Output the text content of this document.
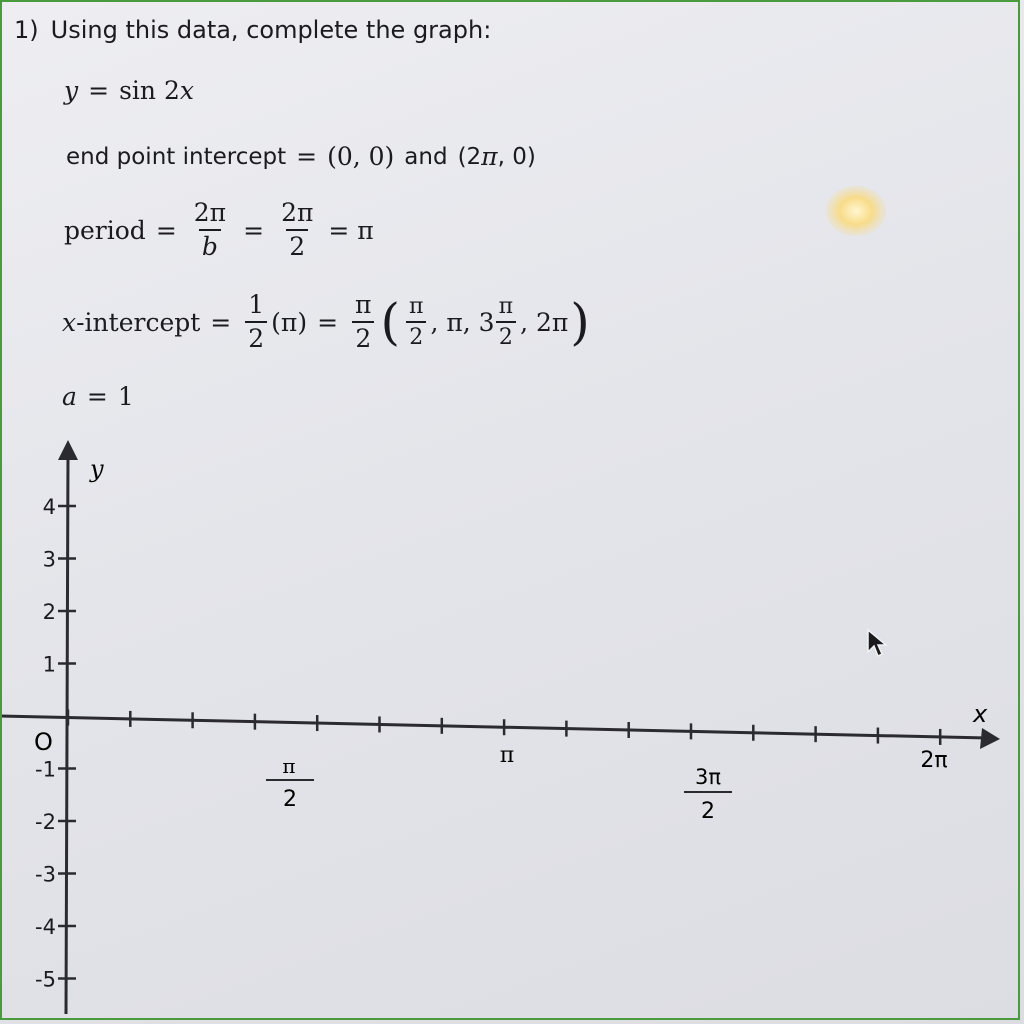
1) Using this data, complete the graph:
y = sin 2 x
end point intercept = (0, 0) and (2 π , 0)
period = $\frac{2\pi}{b} = \frac{2\pi}{2} = \pi$
x -intercept = $\frac{1}{2} (\pi) = \frac{\pi}{2}$ ( $\frac{\pi}{2}$ , π, $3 \frac{\pi}{2}$ , 2π )
a = 1
4
3
2
1
-1
-2
-3
-4
-5
y
x
O
π
2
π
3π
2
2π
